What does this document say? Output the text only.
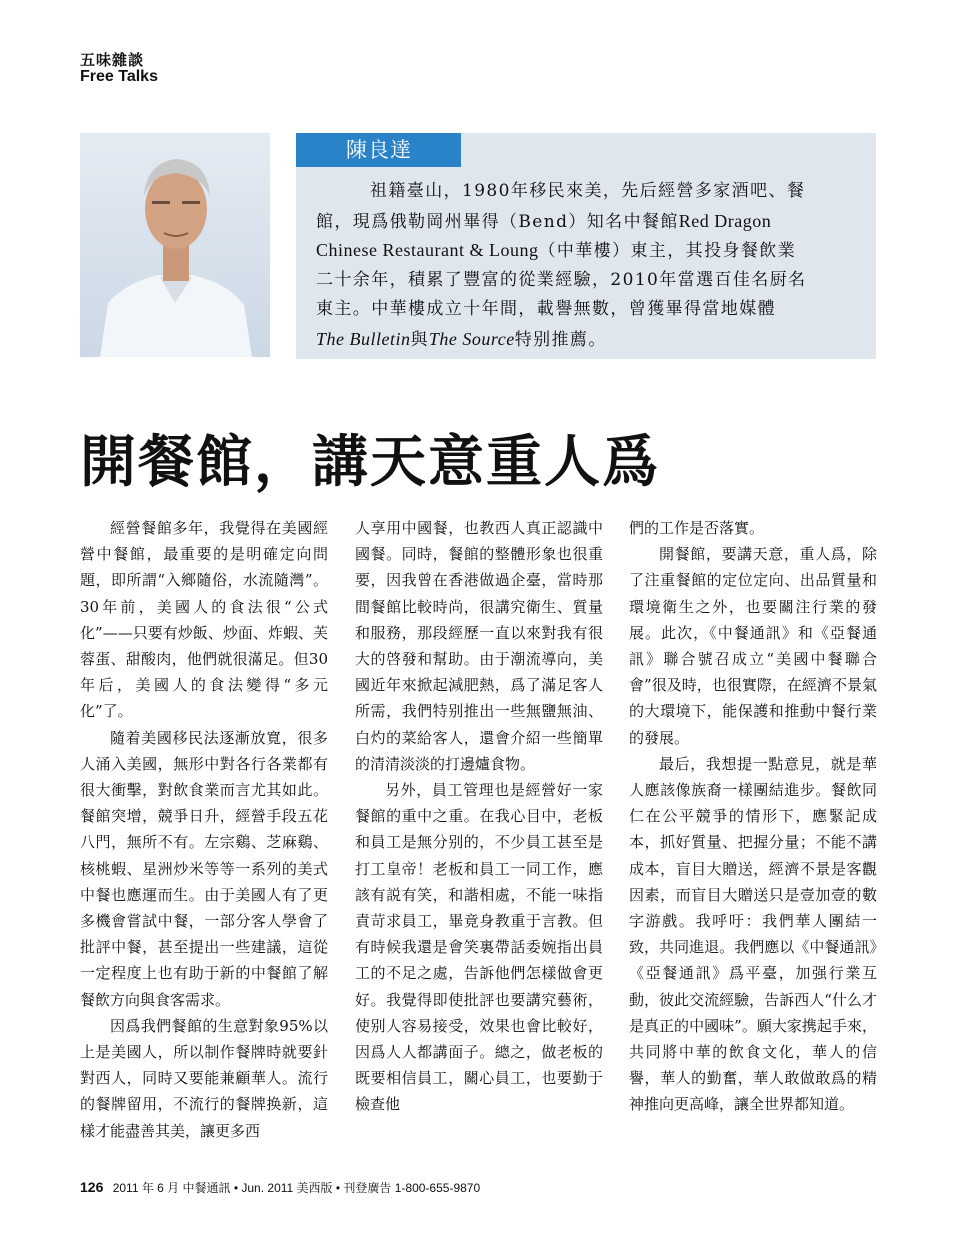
五味雜談
Free Talks
陳良達
祖籍臺山，1980年移民來美，先后經營多家酒吧、餐
館，現爲俄勒岡州畢得（Bend）知名中餐館Red Dragon
Chinese Restaurant & Loung（中華樓）東主，其投身餐飲業
二十余年，積累了豐富的從業經驗，2010年當選百佳名厨名
東主。中華樓成立十年間，載譽無數，曾獲畢得當地媒體
The Bulletin與The Source特别推薦。
開餐館，講天意重人爲

經營餐館多年，我覺得在美國經營中餐館，最重要的是明確定向問題，即所謂“入鄉隨俗，水流隨灣”。30年前，美國人的食法很“公式化”——只要有炒飯、炒面、炸蝦、芙蓉蛋、甜酸肉，他們就很滿足。但30年后，美國人的食法變得“多元化”了。

隨着美國移民法逐漸放寬，很多人涌入美國，無形中對各行各業都有很大衝擊，對飲食業而言尤其如此。餐館突增，競爭日升，經營手段五花八門，無所不有。左宗鷄、芝麻鷄、核桃蝦、星洲炒米等等一系列的美式中餐也應運而生。由于美國人有了更多機會嘗試中餐，一部分客人學會了批評中餐，甚至提出一些建議，這從一定程度上也有助于新的中餐館了解餐飲方向與食客需求。

因爲我們餐館的生意對象95%以上是美國人，所以制作餐牌時就要針對西人，同時又要能兼顧華人。流行的餐牌留用，不流行的餐牌换新，這樣才能盡善其美，讓更多西

人享用中國餐，也教西人真正認識中國餐。同時，餐館的整體形象也很重要，因我曾在香港做過企臺，當時那間餐館比較時尚，很講究衛生、質量和服務，那段經歷一直以來對我有很大的啓發和幫助。由于潮流導向，美國近年來掀起減肥熱，爲了滿足客人所需，我們特别推出一些無鹽無油、白灼的菜給客人，還會介紹一些簡單的清清淡淡的打邊爐食物。

另外，員工管理也是經營好一家餐館的重中之重。在我心目中，老板和員工是無分别的，不少員工甚至是打工皇帝！老板和員工一同工作，應該有説有笑，和諧相處，不能一味指責苛求員工，畢竟身教重于言教。但有時候我還是會笑裏帶話委婉指出員工的不足之處，告訴他們怎樣做會更好。我覺得即使批評也要講究藝術，使别人容易接受，效果也會比較好，因爲人人都講面子。總之，做老板的既要相信員工，關心員工，也要勤于檢查他

們的工作是否落實。

開餐館，要講天意，重人爲，除了注重餐館的定位定向、出品質量和環境衛生之外，也要關注行業的發展。此次，《中餐通訊》和《亞餐通訊》聯合號召成立“美國中餐聯合會”很及時，也很實際，在經濟不景氣的大環境下，能保護和推動中餐行業的發展。

最后，我想提一點意見，就是華人應該像族裔一樣團結進步。餐飲同仁在公平競爭的情形下，應緊記成本，抓好質量、把握分量；不能不講成本，盲目大贈送，經濟不景是客觀因素，而盲目大贈送只是壹加壹的數字游戲。我呼吁：我們華人團結一致，共同進退。我們應以《中餐通訊》《亞餐通訊》爲平臺，加强行業互動，彼此交流經驗，告訴西人“什么才是真正的中國味”。願大家携起手來，共同將中華的飲食文化，華人的信譽，華人的勤奮，華人敢做敢爲的精神推向更高峰，讓全世界都知道。

126 2011 年 6 月 中餐通訊 • Jun. 2011 美西版 • 刊登廣告 1-800-655-9870
